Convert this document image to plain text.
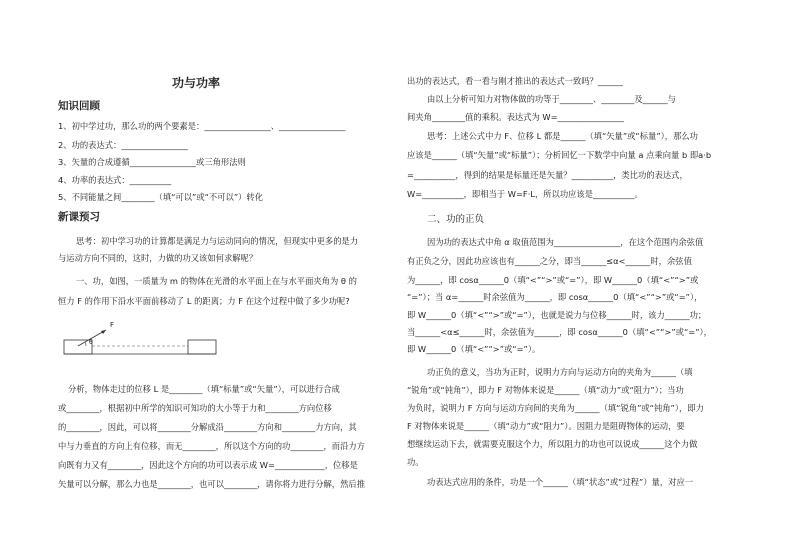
功与功率
知识回顾
1、初中学过功，那么功的两个要素是：________________、________________
2、功的表达式：________________
3、矢量的合成遵循________________或三角形法则
4、功率的表达式：__________
5、不同能量之间________（填“可以”或“不可以”）转化
新课预习
思考：初中学习功的计算都是满足力与运动同向的情况，但现实中更多的是力
与运动方向不同的，这时，力做的功又该如何求解呢？
一、功，如图，一质量为 m 的物体在光滑的水平面上在与水平面夹角为 θ 的
恒力 F 的作用下沿水平面前移动了 L 的距离；力 F 在这个过程中做了多少功呢?
F
θ
分析，物体走过的位移 L 是________（填“标量”或“矢量”），可以进行合成
或________，根据初中所学的知识可知功的大小等于力和________方向位移
的________，因此，可以将________分解成沿________方向和________力方向，其
中与力垂直的方向上有位移，而无________，所以这个方向的功________，而沿力方
向既有力又有________，因此这个方向的功可以表示成 W=____________，位移是
矢量可以分解，那么力也是________，也可以________，请你将力进行分解，然后推
出功的表达式，看一看与刚才推出的表达式一致吗？______
由以上分析可知力对物体做的功等于________、________及______与
间夹角________值的乘积。表达式为 W=________________
思考：上述公式中力 F、位移 L 都是______（填“矢量”或“标量”），那么功
应该是______（填“矢量”或“标量”）；分析回忆一下数学中向量 a 点乘向量 b 即a·b
=__________，得到的结果是标量还是矢量？__________，类比功的表达式，
W=__________，即相当于 W=F·L，所以功应该是__________。
二、功的正负
因为功的表达式中角 α 取值范围为________________，在这个范围内余弦值
有正负之分，因此功应该也有______之分，即当______≤α<______时，余弦值
为______，即 cosα______0（填“<”“>”或“=”），即 W______0（填“<”“>”或
“=”）；当 α=______时余弦值为______，即 cosα______0（填“<”“>”或“=”），
即 W______0（填“<”“>”或“=”），也就是说力与位移______时，该力______功；
当______<α≤______时，余弦值为______，即 cosα______0（填“<”“>”或“=”），
即 W______0（填“<”“>”或“=”）。
功正负的意义，当功为正时，说明力方向与运动方向的夹角为______（填
“锐角”或“钝角”），即力 F 对物体来说是______（填“动力”或“阻力”）；当功
为负时，说明力 F 方向与运动方向间的夹角为______（填“锐角”或“钝角”），即力
F 对物体来说是______（填“动力”或“阻力”）。因阻力是阻碍物体的运动，要
想继续运动下去，就需要克服这个力，所以阻力的功也可以说成______这个力做
功。
功表达式应用的条件，功是一个______（填“状态”或“过程”）量，对应一
